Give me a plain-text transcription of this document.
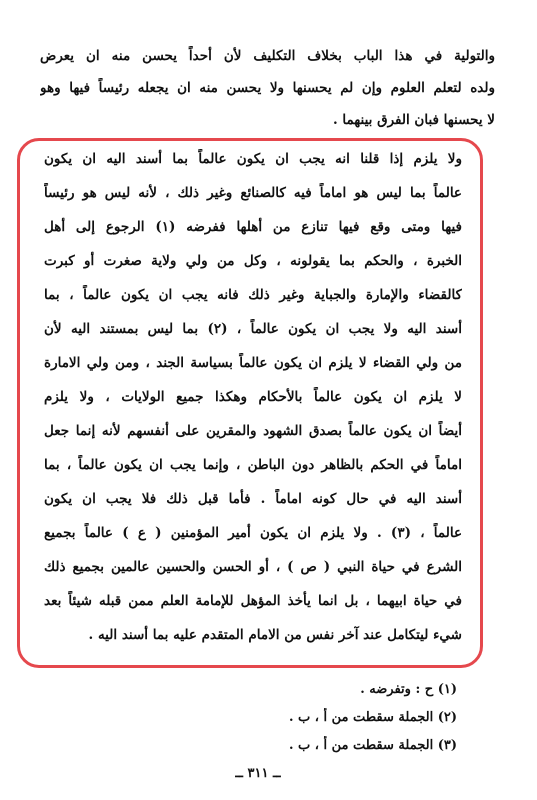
والتولية في هذا الباب بخلاف التكليف لأن أحداً يحسن منه ان يعرض
ولده لتعلم العلوم وإن لم يحسنها ولا يحسن منه ان يجعله رئيساً فيها وهو
لا يحسنها فبان الفرق بينهما .
ولا يلزم إذا قلنا انه يجب ان يكون عالماً بما أسند اليه ان يكون
عالماً بما ليس هو اماماً فيه كالصنائع وغير ذلك ، لأنه ليس هو رئيساً
فيها ومتى وقع فيها تنازع من أهلها ففرضه (١) الرجوع إلى أهل
الخبرة ، والحكم بما يقولونه ، وكل من ولي ولاية صغرت أو كبرت
كالقضاء والإمارة والجباية وغير ذلك فانه يجب ان يكون عالماً ، بما
أسند اليه ولا يجب ان يكون عالماً ، (٢) بما ليس بمستند اليه لأن
من ولي القضاء لا يلزم ان يكون عالماً بسياسة الجند ، ومن ولي الامارة
لا يلزم ان يكون عالماً بالأحكام وهكذا جميع الولايات ، ولا يلزم
أيضاً ان يكون عالماً بصدق الشهود والمقرين على أنفسهم لأنه إنما جعل
اماماً في الحكم بالظاهر دون الباطن ، وإنما يجب ان يكون عالماً ، بما
أسند اليه في حال كونه اماماً . فأما قبل ذلك فلا يجب ان يكون
عالماً ، (٣) . ولا يلزم ان يكون أمير المؤمنين ( ع ) عالماً بجميع
الشرع في حياة النبي ( ص ) ، أو الحسن والحسين عالمين بجميع ذلك
في حياة ابيهما ، بل انما يأخذ المؤهل للإمامة العلم ممن قبله شيئاً بعد
شيء ليتكامل عند آخر نفس من الامام المتقدم عليه بما أسند اليه .
(١) ح : وتفرضه .
(٢) الجملة سقطت من أ ، ب .
(٣) الجملة سقطت من أ ، ب .
ــ ٣١١ ــ
